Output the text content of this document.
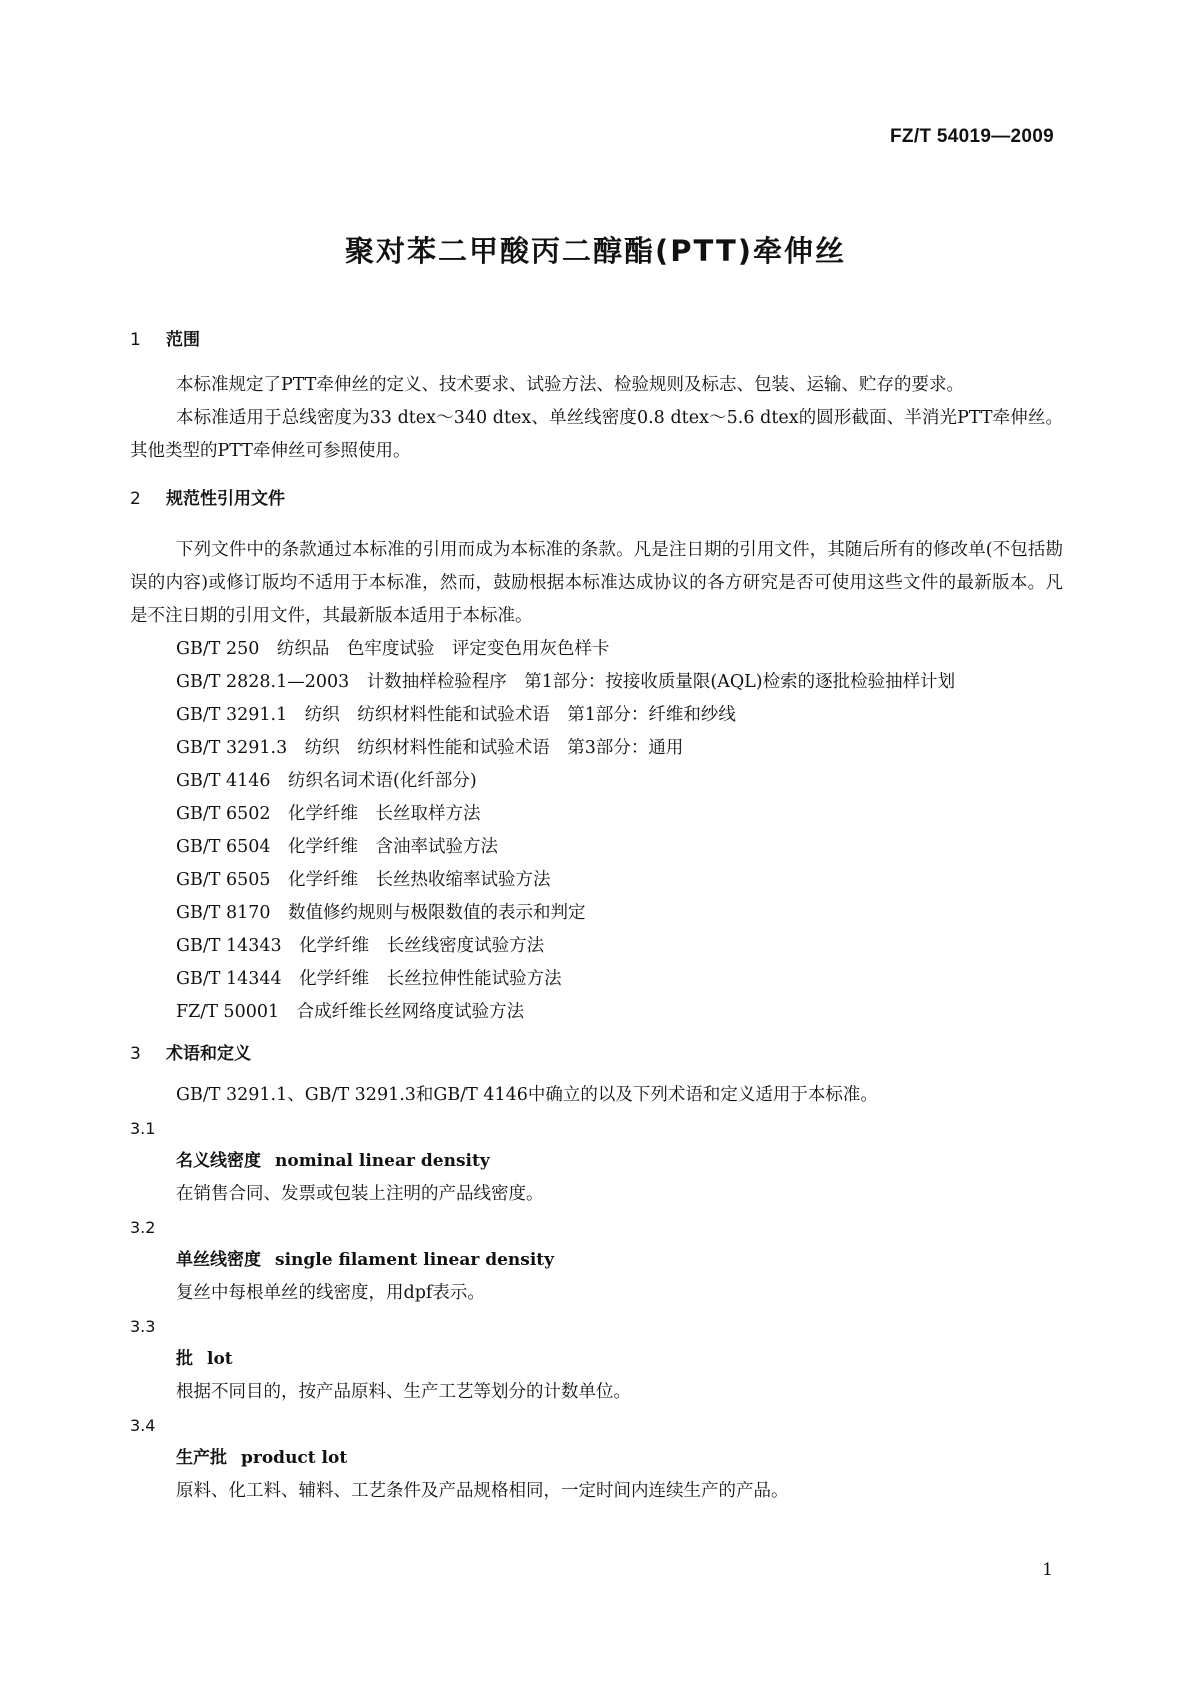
FZ/T 54019—2009
聚对苯二甲酸丙二醇酯(PTT)牵伸丝
1 范围

本标准规定了PTT牵伸丝的定义、技术要求、试验方法、检验规则及标志、包装、运输、贮存的要求。

本标准适用于总线密度为33 dtex～340 dtex、单丝线密度0.8 dtex～5.6 dtex的圆形截面、半消光PTT牵伸丝。其他类型的PTT牵伸丝可参照使用。

2 规范性引用文件

下列文件中的条款通过本标准的引用而成为本标准的条款。凡是注日期的引用文件，其随后所有的修改单(不包括勘误的内容)或修订版均不适用于本标准，然而，鼓励根据本标准达成协议的各方研究是否可使用这些文件的最新版本。凡是不注日期的引用文件，其最新版本适用于本标准。

GB/T 250　纺织品　色牢度试验　评定变色用灰色样卡

GB/T 2828.1—2003　计数抽样检验程序　第1部分：按接收质量限(AQL)检索的逐批检验抽样计划

GB/T 3291.1　纺织　纺织材料性能和试验术语　第1部分：纤维和纱线

GB/T 3291.3　纺织　纺织材料性能和试验术语　第3部分：通用

GB/T 4146　纺织名词术语(化纤部分)

GB/T 6502　化学纤维　长丝取样方法

GB/T 6504　化学纤维　含油率试验方法

GB/T 6505　化学纤维　长丝热收缩率试验方法

GB/T 8170　数值修约规则与极限数值的表示和判定

GB/T 14343　化学纤维　长丝线密度试验方法

GB/T 14344　化学纤维　长丝拉伸性能试验方法

FZ/T 50001　合成纤维长丝网络度试验方法

3 术语和定义

GB/T 3291.1、GB/T 3291.3和GB/T 4146中确立的以及下列术语和定义适用于本标准。

3.1

名义线密度 nominal linear density

在销售合同、发票或包装上注明的产品线密度。

3.2

单丝线密度 single filament linear density

复丝中每根单丝的线密度，用dpf表示。

3.3

批 lot

根据不同目的，按产品原料、生产工艺等划分的计数单位。

3.4

生产批 product lot

原料、化工料、辅料、工艺条件及产品规格相同，一定时间内连续生产的产品。

1
